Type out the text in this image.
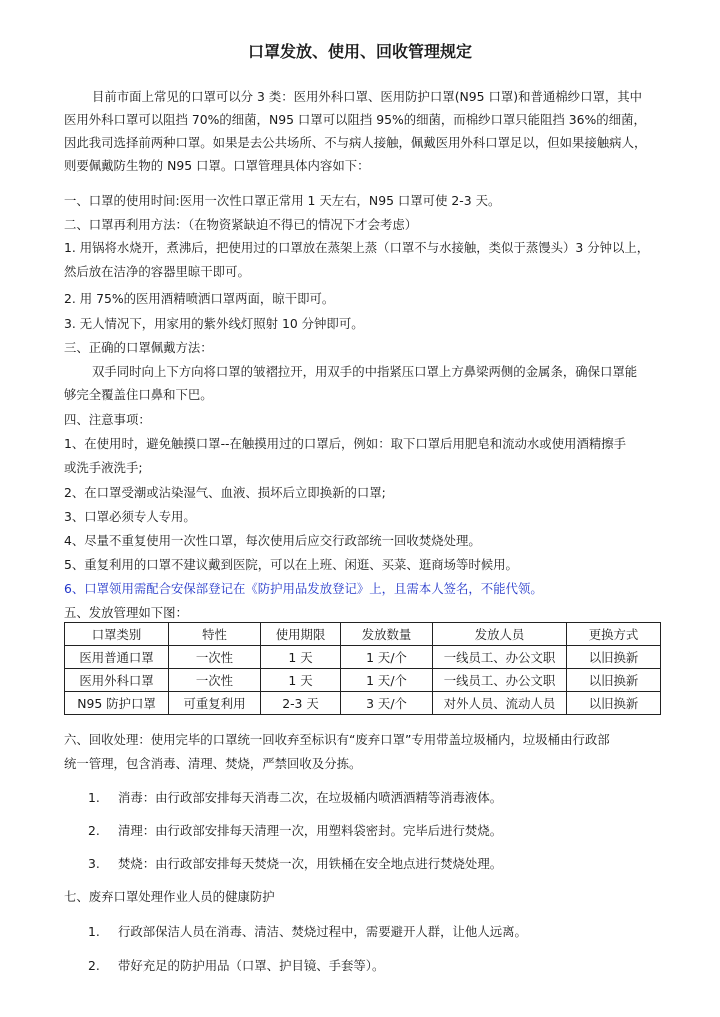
口罩发放、使用、回收管理规定
目前市面上常见的口罩可以分 3 类：医用外科口罩、医用防护口罩(N95 口罩)和普通棉纱口罩，其中
医用外科口罩可以阻挡 70%的细菌，N95 口罩可以阻挡 95%的细菌，而棉纱口罩只能阻挡 36%的细菌，
因此我司选择前两种口罩。如果是去公共场所、不与病人接触，佩戴医用外科口罩足以，但如果接触病人，
则要佩戴防生物的 N95 口罩。口罩管理具体内容如下：
一、口罩的使用时间:医用一次性口罩正常用 1 天左右，N95 口罩可使 2-3 天。
二、口罩再利用方法：（在物资紧缺迫不得已的情况下才会考虑）
1. 用锅将水烧开，煮沸后，把使用过的口罩放在蒸架上蒸（口罩不与水接触，类似于蒸馒头）3 分钟以上，
然后放在洁净的容器里晾干即可。
2. 用 75%的医用酒精喷洒口罩两面，晾干即可。
3. 无人情况下，用家用的紫外线灯照射 10 分钟即可。
三、正确的口罩佩戴方法：
双手同时向上下方向将口罩的皱褶拉开，用双手的中指紧压口罩上方鼻梁两侧的金属条，确保口罩能
够完全覆盖住口鼻和下巴。
四、注意事项：
1、在使用时，避免触摸口罩--在触摸用过的口罩后，例如：取下口罩后用肥皂和流动水或使用酒精擦手
或洗手液洗手;
2、在口罩受潮或沾染湿气、血液、损坏后立即换新的口罩;
3、口罩必须专人专用。
4、尽量不重复使用一次性口罩，每次使用后应交行政部统一回收焚烧处理。
5、重复利用的口罩不建议戴到医院，可以在上班、闲逛、买菜、逛商场等时候用。
6、口罩领用需配合安保部登记在《防护用品发放登记》上，且需本人签名，不能代领。
五、发放管理如下图：
口罩类别	特性	使用期限	发放数量	发放人员	更换方式
医用普通口罩	一次性	1 天	1 天/个	一线员工、办公文职	以旧换新
医用外科口罩	一次性	1 天	1 天/个	一线员工、办公文职	以旧换新
N95 防护口罩	可重复利用	2-3 天	3 天/个	对外人员、流动人员	以旧换新
六、回收处理：使用完毕的口罩统一回收弃至标识有“废弃口罩”专用带盖垃圾桶内，垃圾桶由行政部
统一管理，包含消毒、清理、焚烧，严禁回收及分拣。
1. 消毒：由行政部安排每天消毒二次，在垃圾桶内喷洒酒精等消毒液体。
2. 清理：由行政部安排每天清理一次，用塑料袋密封。完毕后进行焚烧。
3. 焚烧：由行政部安排每天焚烧一次，用铁桶在安全地点进行焚烧处理。
七、废弃口罩处理作业人员的健康防护
1. 行政部保洁人员在消毒、清洁、焚烧过程中，需要避开人群，让他人远离。
2. 带好充足的防护用品（口罩、护目镜、手套等）。
